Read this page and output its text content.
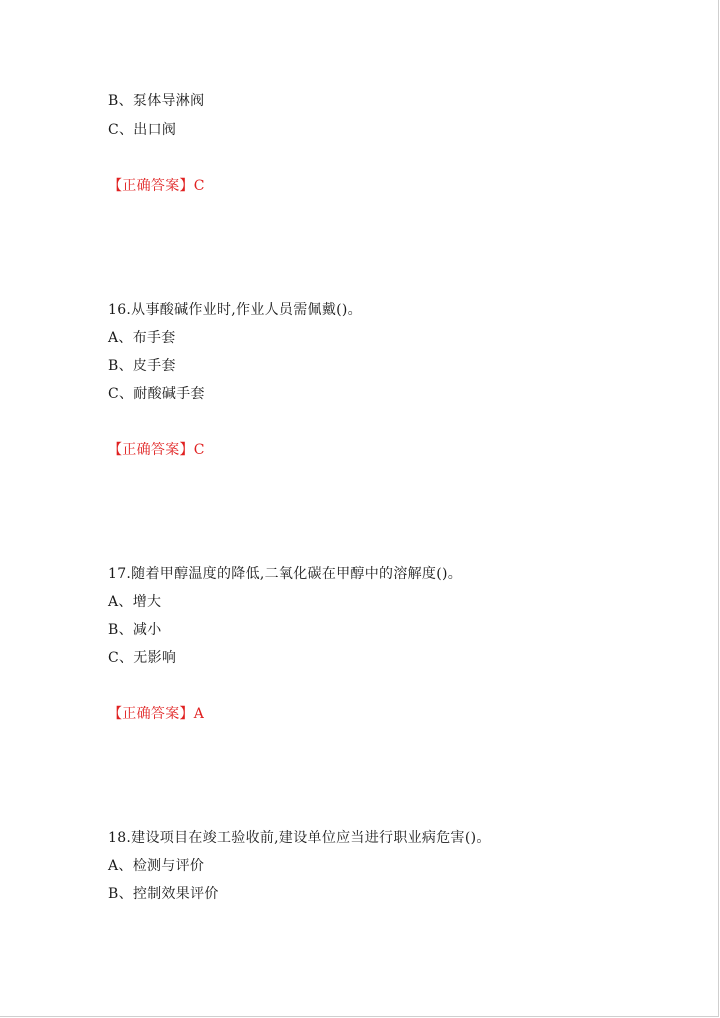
B、泵体导淋阀
C、出口阀
【正确答案】C
16.从事酸碱作业时,作业人员需佩戴()。
A、布手套
B、皮手套
C、耐酸碱手套
【正确答案】C
17.随着甲醇温度的降低,二氧化碳在甲醇中的溶解度()。
A、增大
B、减小
C、无影响
【正确答案】A
18.建设项目在竣工验收前,建设单位应当进行职业病危害()。
A、检测与评价
B、控制效果评价
